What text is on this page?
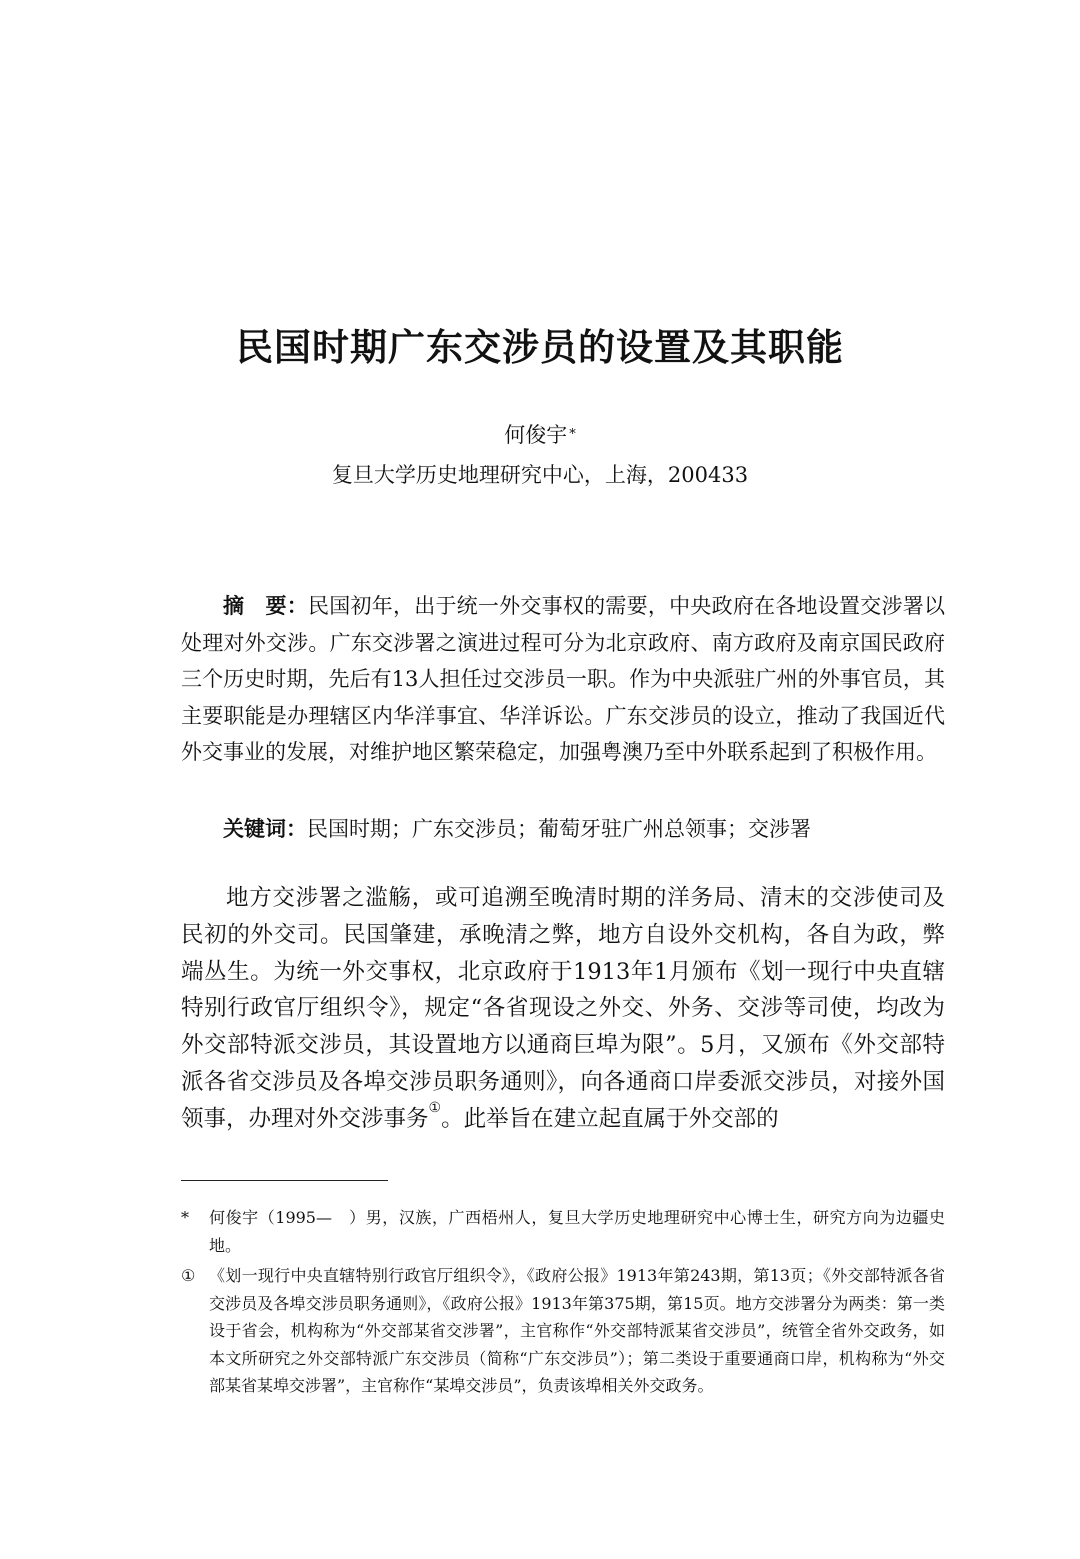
民国时期广东交涉员的设置及其职能
何俊宇 *
复旦大学历史地理研究中心，上海，200433

摘　要：民国初年，出于统一外交事权的需要，中央政府在各地设置交涉署以处理对外交涉。广东交涉署之演进过程可分为北京政府、南方政府及南京国民政府三个历史时期，先后有13人担任过交涉员一职。作为中央派驻广州的外事官员，其主要职能是办理辖区内华洋事宜、华洋诉讼。广东交涉员的设立，推动了我国近代外交事业的发展，对维护地区繁荣稳定，加强粤澳乃至中外联系起到了积极作用。

关键词：民国时期；广东交涉员；葡萄牙驻广州总领事；交涉署

地方交涉署之滥觞，或可追溯至晚清时期的洋务局、清末的交涉使司及民初的外交司。民国肇建，承晚清之弊，地方自设外交机构，各自为政，弊端丛生。为统一外交事权，北京政府于1913年1月颁布《划一现行中央直辖特别行政官厅组织令》，规定“各省现设之外交、外务、交涉等司使，均改为外交部特派交涉员，其设置地方以通商巨埠为限”。5月，又颁布《外交部特派各省交涉员及各埠交涉员职务通则》，向各通商口岸委派交涉员，对接外国领事，办理对外交涉事务①。此举旨在建立起直属于外交部的

*	何俊宇（1995—　）男，汉族，广西梧州人，复旦大学历史地理研究中心博士生，研究方向为边疆史地。

① 《划一现行中央直辖特别行政官厅组织令》，《政府公报》1913年第243期，第13页；《外交部特派各省交涉员及各埠交涉员职务通则》，《政府公报》1913年第375期，第15页。地方交涉署分为两类：第一类设于省会，机构称为“外交部某省交涉署”，主官称作“外交部特派某省交涉员”，统管全省外交政务，如本文所研究之外交部特派广东交涉员（简称“广东交涉员”）；第二类设于重要通商口岸，机构称为“外交部某省某埠交涉署”，主官称作“某埠交涉员”，负责该埠相关外交政务。
